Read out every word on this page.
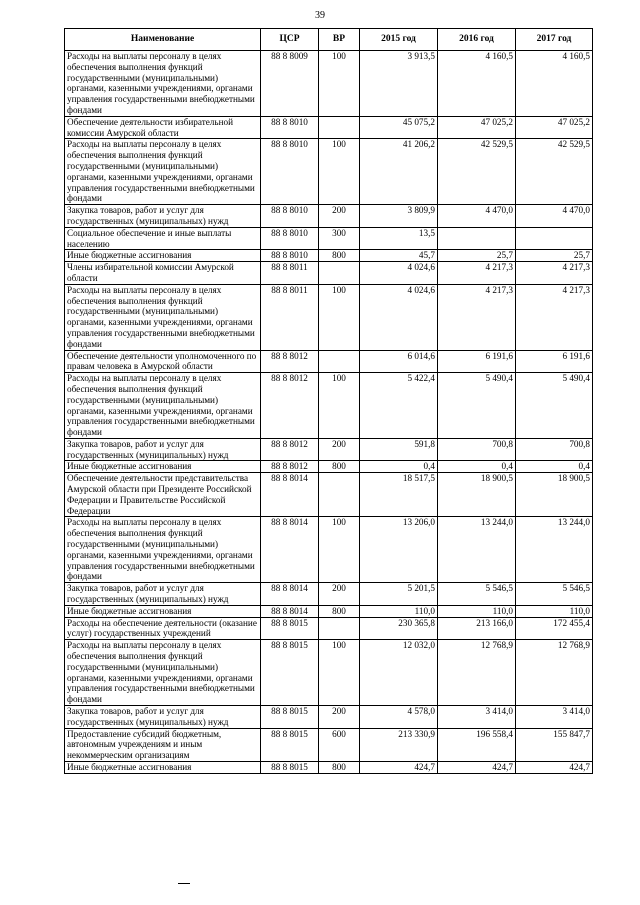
39
Наименование	ЦСР	ВР	2015 год	2016 год	2017 год
Расходы на выплаты персоналу в целях обеспечения выполнения функций государственными (муниципальными) органами, казенными учреждениями, органами управления государственными внебюджетными фондами	88 8 8009	100	3 913,5	4 160,5	4 160,5
Обеспечение деятельности избирательной комиссии Амурской области	88 8 8010		45 075,2	47 025,2	47 025,2
Расходы на выплаты персоналу в целях обеспечения выполнения функций государственными (муниципальными) органами, казенными учреждениями, органами управления государственными внебюджетными фондами	88 8 8010	100	41 206,2	42 529,5	42 529,5
Закупка товаров, работ и услуг для государственных (муниципальных) нужд	88 8 8010	200	3 809,9	4 470,0	4 470,0
Социальное обеспечение и иные выплаты населению	88 8 8010	300	13,5		
Иные бюджетные ассигнования	88 8 8010	800	45,7	25,7	25,7
Члены избирательной комиссии Амурской области	88 8 8011		4 024,6	4 217,3	4 217,3
Расходы на выплаты персоналу в целях обеспечения выполнения функций государственными (муниципальными) органами, казенными учреждениями, органами управления государственными внебюджетными фондами	88 8 8011	100	4 024,6	4 217,3	4 217,3
Обеспечение деятельности уполномоченного по правам человека в Амурской области	88 8 8012		6 014,6	6 191,6	6 191,6
Расходы на выплаты персоналу в целях обеспечения выполнения функций государственными (муниципальными) органами, казенными учреждениями, органами управления государственными внебюджетными фондами	88 8 8012	100	5 422,4	5 490,4	5 490,4
Закупка товаров, работ и услуг для государственных (муниципальных) нужд	88 8 8012	200	591,8	700,8	700,8
Иные бюджетные ассигнования	88 8 8012	800	0,4	0,4	0,4
Обеспечение деятельности представительства Амурской области при Президенте Российской Федерации и Правительстве Российской Федерации	88 8 8014		18 517,5	18 900,5	18 900,5
Расходы на выплаты персоналу в целях обеспечения выполнения функций государственными (муниципальными) органами, казенными учреждениями, органами управления государственными внебюджетными фондами	88 8 8014	100	13 206,0	13 244,0	13 244,0
Закупка товаров, работ и услуг для государственных (муниципальных) нужд	88 8 8014	200	5 201,5	5 546,5	5 546,5
Иные бюджетные ассигнования	88 8 8014	800	110,0	110,0	110,0
Расходы на обеспечение деятельности (оказание услуг) государственных учреждений	88 8 8015		230 365,8	213 166,0	172 455,4
Расходы на выплаты персоналу в целях обеспечения выполнения функций государственными (муниципальными) органами, казенными учреждениями, органами управления государственными внебюджетными фондами	88 8 8015	100	12 032,0	12 768,9	12 768,9
Закупка товаров, работ и услуг для государственных (муниципальных) нужд	88 8 8015	200	4 578,0	3 414,0	3 414,0
Предоставление субсидий бюджетным, автономным учреждениям и иным некоммерческим организациям	88 8 8015	600	213 330,9	196 558,4	155 847,7
Иные бюджетные ассигнования	88 8 8015	800	424,7	424,7	424,7
